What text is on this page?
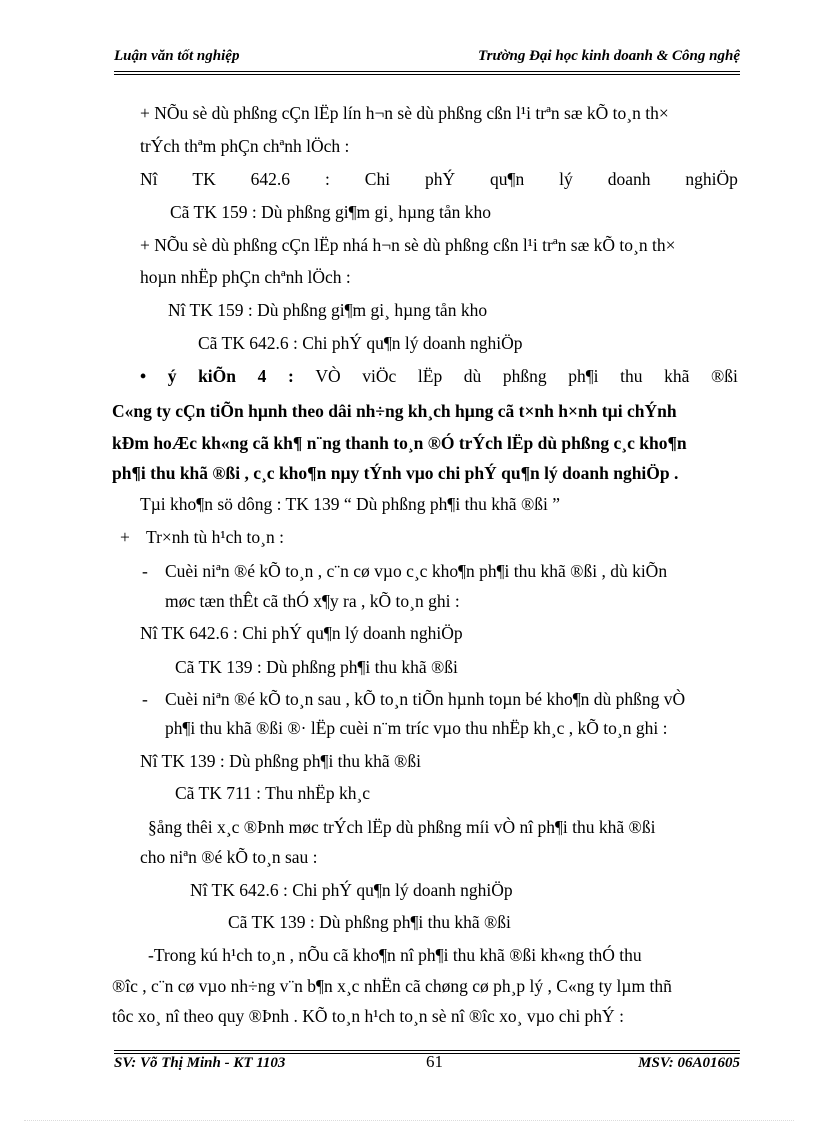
Luận văn tốt nghiệp	Trường Đại học kinh doanh & Công nghệ
+ NÕu sè dù phßng cÇn lËp lín h¬n sè dù phßng cßn l¹i trªn sæ kÕ to¸n th×
trÝch thªm phÇn chªnh lÖch :
Nî TK 642.6 : Chi phÝ qu¶n lý doanh nghiÖp
Cã TK 159 : Dù phßng gi¶m gi¸ hµng tån kho
+ NÕu sè dù phßng cÇn lËp nhá h¬n sè dù phßng cßn l¹i trªn sæ kÕ to¸n th×
hoµn nhËp phÇn chªnh lÖch :
Nî TK 159 : Dù phßng gi¶m gi¸ hµng tån kho
Cã TK 642.6 : Chi phÝ qu¶n lý doanh nghiÖp
• ý kiÕn 4 : VÒ viÖc lËp dù phßng ph¶i thu khã ®ßi
C«ng ty cÇn tiÕn hµnh theo dâi nh÷ng kh¸ch hµng cã t×nh h×nh tµi chÝnh
kÐm hoÆc kh«ng cã kh¶ n¨ng thanh to¸n ®Ó trÝch lËp dù phßng c¸c kho¶n
ph¶i thu khã ®ßi , c¸c kho¶n nµy tÝnh vµo chi phÝ qu¶n lý doanh nghiÖp .
Tµi kho¶n sö dông : TK 139 “ Dù phßng ph¶i thu khã ®ßi ”
+ Tr×nh tù h¹ch to¸n :
- Cuèi niªn ®é kÕ to¸n , c¨n cø vµo c¸c kho¶n ph¶i thu khã ®ßi , dù kiÕn
møc tæn thÊt cã thÓ x¶y ra , kÕ to¸n ghi :
Nî TK 642.6 : Chi phÝ qu¶n lý doanh nghiÖp
Cã TK 139 : Dù phßng ph¶i thu khã ®ßi
- Cuèi niªn ®é kÕ to¸n sau , kÕ to¸n tiÕn hµnh toµn bé kho¶n dù phßng vÒ
ph¶i thu khã ®ßi ®· lËp cuèi n¨m tríc vµo thu nhËp kh¸c , kÕ to¸n ghi :
Nî TK 139 : Dù phßng ph¶i thu khã ®ßi
Cã TK 711 : Thu nhËp kh¸c
§ång thêi x¸c ®Þnh møc trÝch lËp dù phßng míi vÒ nî ph¶i thu khã ®ßi
cho niªn ®é kÕ to¸n sau :
Nî TK 642.6 : Chi phÝ qu¶n lý doanh nghiÖp
Cã TK 139 : Dù phßng ph¶i thu khã ®ßi
-Trong kú h¹ch to¸n , nÕu cã kho¶n nî ph¶i thu khã ®ßi kh«ng thÓ thu
®îc , c¨n cø vµo nh÷ng v¨n b¶n x¸c nhËn cã chøng cø ph¸p lý , C«ng ty lµm thñ
tôc xo¸ nî theo quy ®Þnh . KÕ to¸n h¹ch to¸n sè nî ®îc xo¸ vµo chi phÝ :
SV: Võ Thị Minh - KT 1103	MSV: 06A01605
61
